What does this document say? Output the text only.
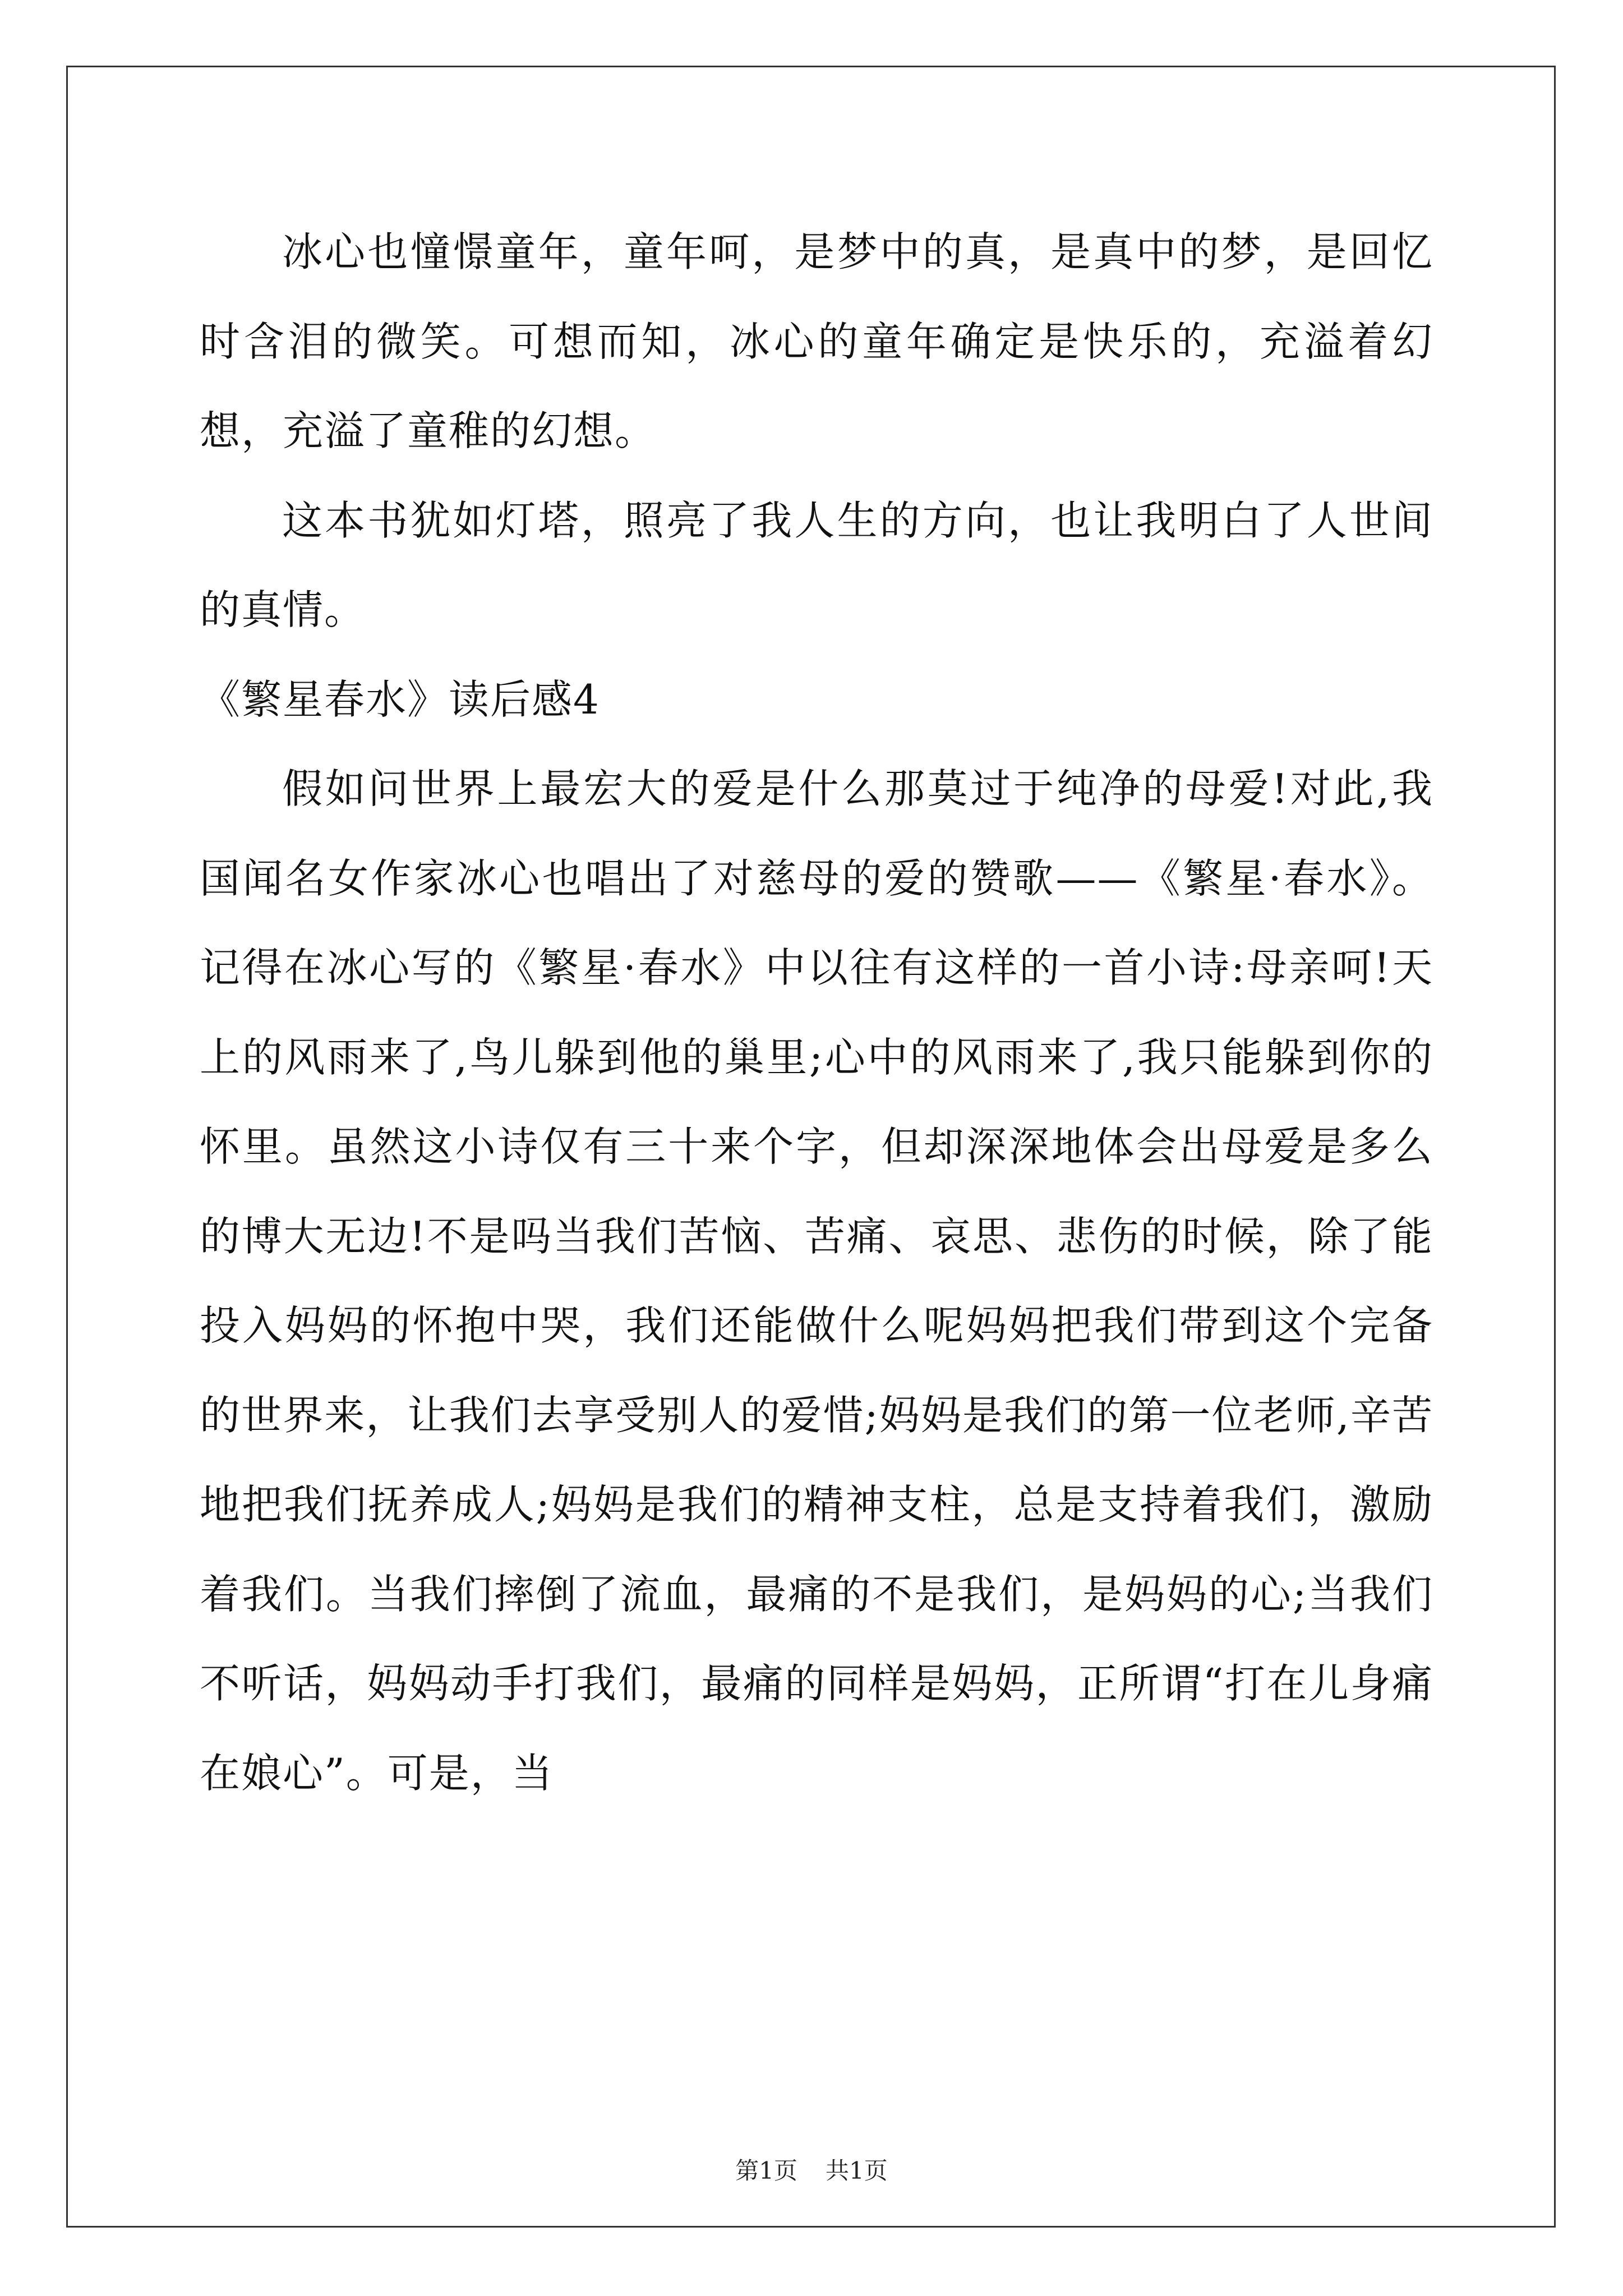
冰心也憧憬童年，童年呵，是梦中的真，是真中的梦，是回忆时含泪的微笑。可想而知，冰心的童年确定是快乐的，充溢着幻想，充溢了童稚的幻想。

这本书犹如灯塔，照亮了我人生的方向，也让我明白了人世间的真情。

《繁星春水》读后感4

假如问世界上最宏大的爱是什么那莫过于纯净的母爱!对此,我国闻名女作家冰心也唱出了对慈母的爱的赞歌——《繁星·春水》。记得在冰心写的《繁星·春水》中以往有这样的一首小诗:母亲呵!天上的风雨来了,鸟儿躲到他的巢里;心中的风雨来了,我只能躲到你的怀里。虽然这小诗仅有三十来个字，但却深深地体会出母爱是多么的博大无边!不是吗当我们苦恼、苦痛、哀思、悲伤的时候，除了能投入妈妈的怀抱中哭，我们还能做什么呢妈妈把我们带到这个完备的世界来，让我们去享受别人的爱惜;妈妈是我们的第一位老师,辛苦地把我们抚养成人;妈妈是我们的精神支柱，总是支持着我们，激励着我们。当我们摔倒了流血，最痛的不是我们，是妈妈的心;当我们不听话，妈妈动手打我们，最痛的同样是妈妈，正所谓“打在儿身痛在娘心”。可是，当

第1页 共1页
